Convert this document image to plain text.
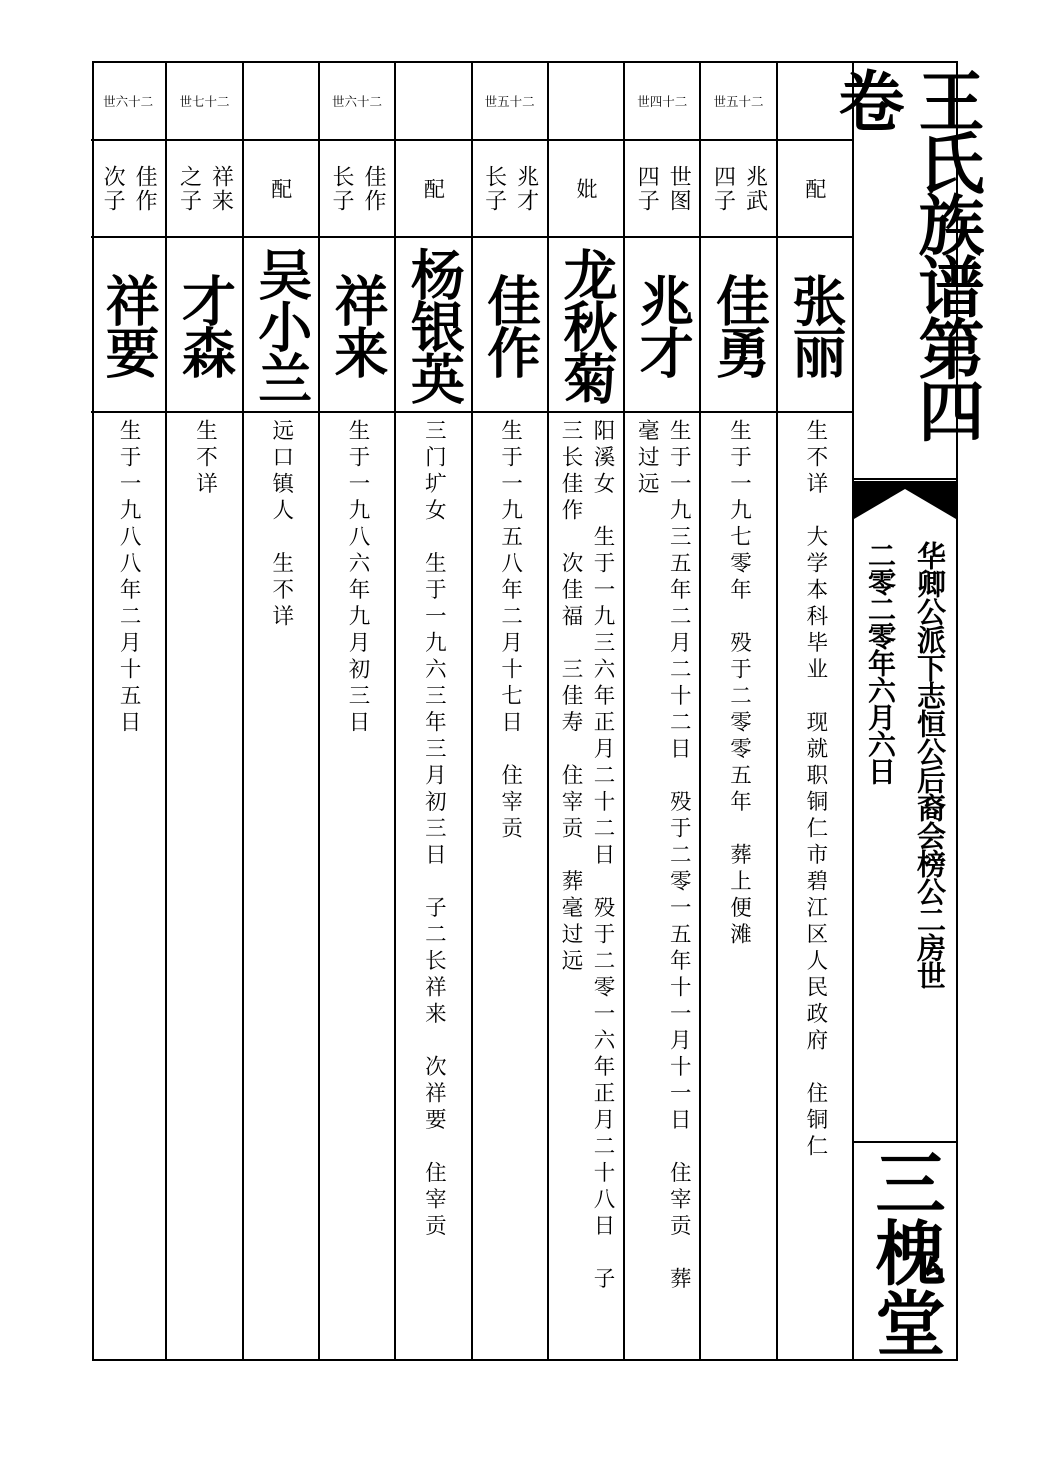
王氏族谱第四卷
华卿公派下志恒公后裔会榜公二房世
二零二零年六月六日
三槐堂
配
张丽
生不详　大学本科毕业　现就职铜仁市碧江区人民政府　住铜仁
世五十二
兆武
四子
佳勇
生于一九七零年　殁于二零零五年　葬上便滩
世四十二
世图
四子
兆才
生于一九三五年二月二十二日　殁于二零一五年十一月十一日　住宰贡　葬
毫过远
妣
龙秋菊
阳溪女　生于一九三六年正月二十二日　殁于二零一六年正月二十八日　子
三长佳作　次佳福　三佳寿　住宰贡　葬毫过远
世五十二
兆才
长子
佳作
生于一九五八年二月十七日　住宰贡
配
杨银英
三门圹女　生于一九六三年三月初三日　子二长祥来　次祥要　住宰贡
世六十二
佳作
长子
祥来
生于一九八六年九月初三日
配
吴小兰
远口镇人　生不详
世七十二
祥来
之子
才森
生不详
世六十二
佳作
次子
祥要
生于一九八八年二月十五日
